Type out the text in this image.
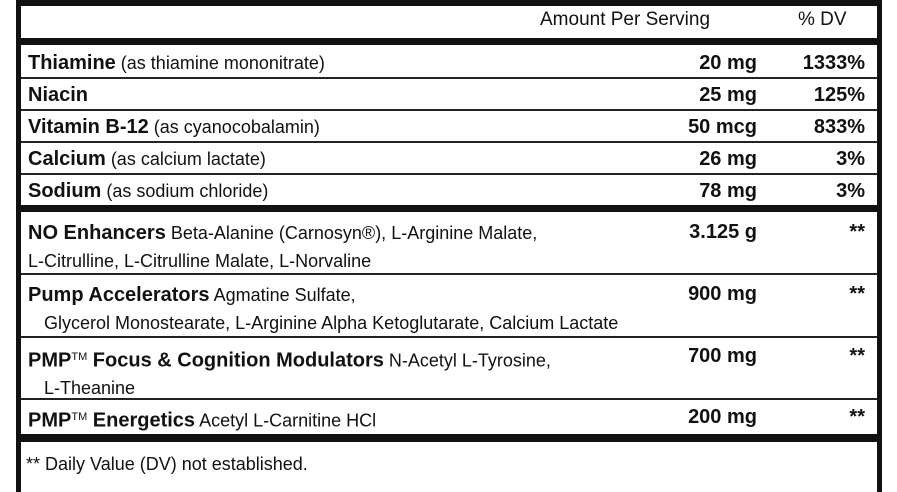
Amount Per Serving	% DV
Thiamine (as thiamine mononitrate)	20 mg 1333%
Niacin	25 mg	125%
Vitamin B-12 (as cyanocobalamin)	50 mcg	833%
Calcium (as calcium lactate)	26 mg	3%
Sodium (as sodium chloride)	78 mg	3%
NO Enhancers Beta-Alanine (Carnosyn®), L-Arginine Malate,
L-Citrulline, L-Citrulline Malate, L-Norvaline
3.125 g	**
Pump Accelerators Agmatine Sulfate,
Glycerol Monostearate, L-Arginine Alpha Ketoglutarate, Calcium Lactate
900 mg	**
PMP™ Focus & Cognition Modulators N-Acetyl L-Tyrosine,
L-Theanine
700 mg	**
PMP™ Energetics Acetyl L-Carnitine HCl	200 mg	**
** Daily Value (DV) not established.
